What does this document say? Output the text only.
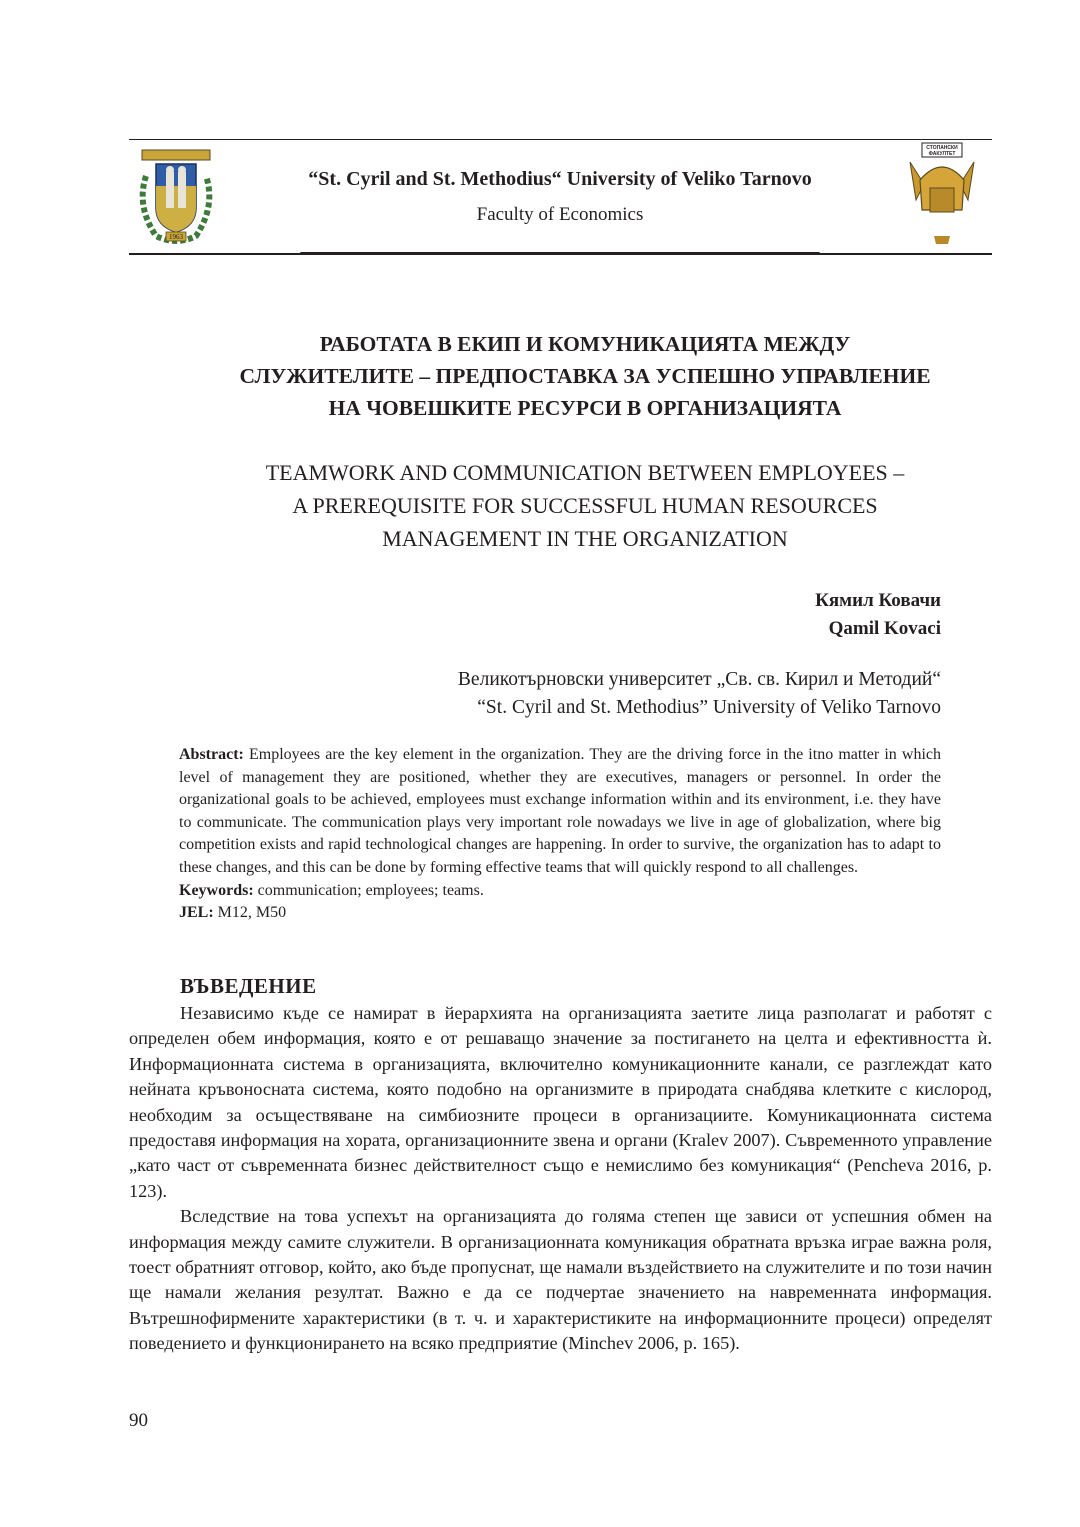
1963
“St. Cyril and St. Methodius“ University of Veliko Tarnovo
Faculty of Economics
СТОПАНСКИ
ФАКУЛТЕТ
РАБОТАТА В ЕКИП И КОМУНИКАЦИЯТА МЕЖДУ
СЛУЖИТЕЛИТЕ – ПРЕДПОСТАВКА ЗА УСПЕШНО УПРАВЛЕНИЕ
НА ЧОВЕШКИТЕ РЕСУРСИ В ОРГАНИЗАЦИЯТА
TEAMWORK AND COMMUNICATION BETWEEN EMPLOYEES –
A PREREQUISITE FOR SUCCESSFUL HUMAN RESOURCES
MANAGEMENT IN THE ORGANIZATION
Кямил Ковачи
Qamil Kovaci
Великотърновски университет „Св. св. Кирил и Методий“
“St. Cyril and St. Methodius” University of Veliko Tarnovo

Abstract: Employees are the key element in the organization. They are the driving force in the itno matter in which level of management they are positioned, whether they are executives, managers or personnel. In order the organizational goals to be achieved, employees must exchange information within and its environment, i.e. they have to communicate. The communication plays very important role nowadays we live in age of globalization, where big competition exists and rapid technological changes are happening. In order to survive, the organization has to adapt to these changes, and this can be done by forming effective teams that will quickly respond to all challenges.

Keywords: communication; employees; teams.

JEL: M12, M50

ВЪВЕДЕНИЕ

Независимо къде се намират в йерархията на организацията заетите лица разполагат и работят с определен обем информация, която е от решаващо значение за постигането на целта и ефективността ѝ. Информационната система в организацията, включително комуникационните канали, се разглеждат като нейната кръвоносната система, която подобно на организмите в природата снабдява клетките с кислород, необходим за осъществяване на симбиозните процеси в организациите. Комуникационната система предоставя информация на хората, организационните звена и органи (Kralev 2007). Съвременното управление „като част от съвременната бизнес действителност също е немислимо без комуникация“ (Pencheva 2016, p. 123).

Вследствие на това успехът на организацията до голяма степен ще зависи от успешния обмен на информация между самите служители. В организационната комуникация обратната връзка играе важна роля, тоест обратният отговор, който, ако бъде пропуснат, ще намали въздействието на служителите и по този начин ще намали желания резултат. Важно е да се подчертае значението на навременната информация. Вътрешнофирмените характеристики (в т. ч. и характеристиките на информационните процеси) определят поведението и функционирането на всяко предприятие (Minchev 2006, p. 165).

90
